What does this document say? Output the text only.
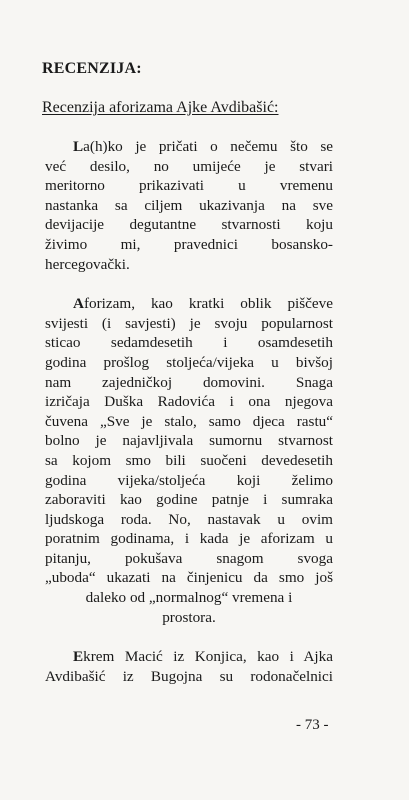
RECENZIJA:
Recenzija aforizama Ajke Avdibašić:

La(h)ko je pričati o nečemu što se
već desilo, no umijeće je stvari
meritorno prikazivati u vremenu
nastanka sa ciljem ukazivanja na sve
devijacije degutantne stvarnosti koju
živimo mi, pravednici bosansko-
hercegovački.

Aforizam, kao kratki oblik piščeve
svijesti (i savjesti) je svoju popularnost
sticao sedamdesetih i osamdesetih
godina prošlog stoljeća/vijeka u bivšoj
nam zajedničkoj domovini. Snaga
izričaja Duška Radovića i ona njegova
čuvena „Sve je stalo, samo djeca rastu“
bolno je najavljivala sumornu stvarnost
sa kojom smo bili suočeni devedesetih
godina vijeka/stoljeća koji želimo
zaboraviti kao godine patnje i sumraka
ljudskoga roda. No, nastavak u ovim
poratnim godinama, i kada je aforizam u
pitanju, pokušava snagom svoga
„uboda“ ukazati na činjenicu da smo još
daleko od „normalnog“ vremena i
prostora.

Ekrem Macić iz Konjica, kao i Ajka
Avdibašić iz Bugojna su rodonačelnici

- 73 -
